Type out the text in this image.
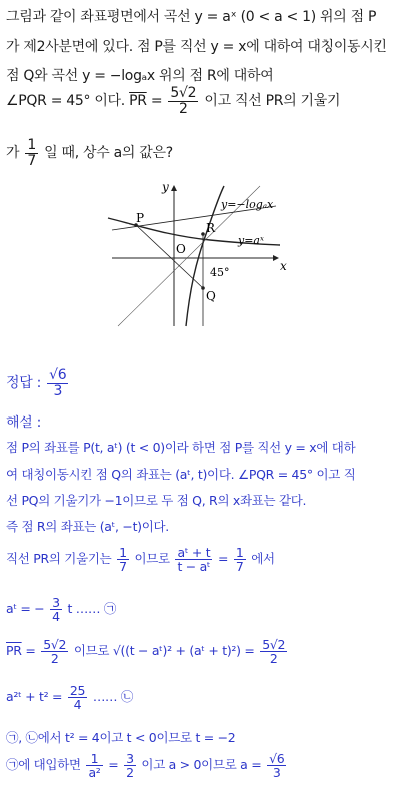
그림과 같이 좌표평면에서 곡선 y = aˣ (0 < a < 1) 위의 점 P
가 제2사분면에 있다. 점 P를 직선 y = x에 대하여 대칭이동시킨
점 Q와 곡선 y = −logₐx 위의 점 R에 대하여
∠PQR = 45° 이다. $\overline{PR} = \frac{5√2}{2}$ 이고 직선 PR의 기울기
가 $\frac{1}{7}$ 일 때, 상수 a의 값은?
x
y
O
P
R
Q
45°
y=−logₐx
y=aˣ
정답 : $\frac{√6}{3}$
해설 :
점 P의 좌표를 P(t, aᵗ) (t < 0)이라 하면 점 P를 직선 y = x에 대하
여 대칭이동시킨 점 Q의 좌표는 (aᵗ, t)이다. ∠PQR = 45° 이고 직
선 PQ의 기울기가 −1이므로 두 점 Q, R의 x좌표는 같다.
즉 점 R의 좌표는 (aᵗ, −t)이다.
직선 PR의 기울기는 $\frac{1}{7}$ 이므로 $\frac{\text{aᵗ + t}}{\text{t − aᵗ}} = \frac{1}{7}$ 에서
aᵗ = − $\frac{3}{4}$ t …… ㉠
$\overline{PR} = \frac{5√2}{2}$ 이므로 √((t − aᵗ)² + (aᵗ + $t)^2) = \frac{5√2}{2}$
a²ᵗ + $t^2 = \frac{25}{4}$ …… ㉡
㉠, ㉡에서 t² = 4이고 t < 0이므로 t = −2
㉠에 대입하면 $\frac{1}{\text{a²}} = \frac{3}{2}$ 이고 a > 0이므로 $a = \frac{√6}{3}$
